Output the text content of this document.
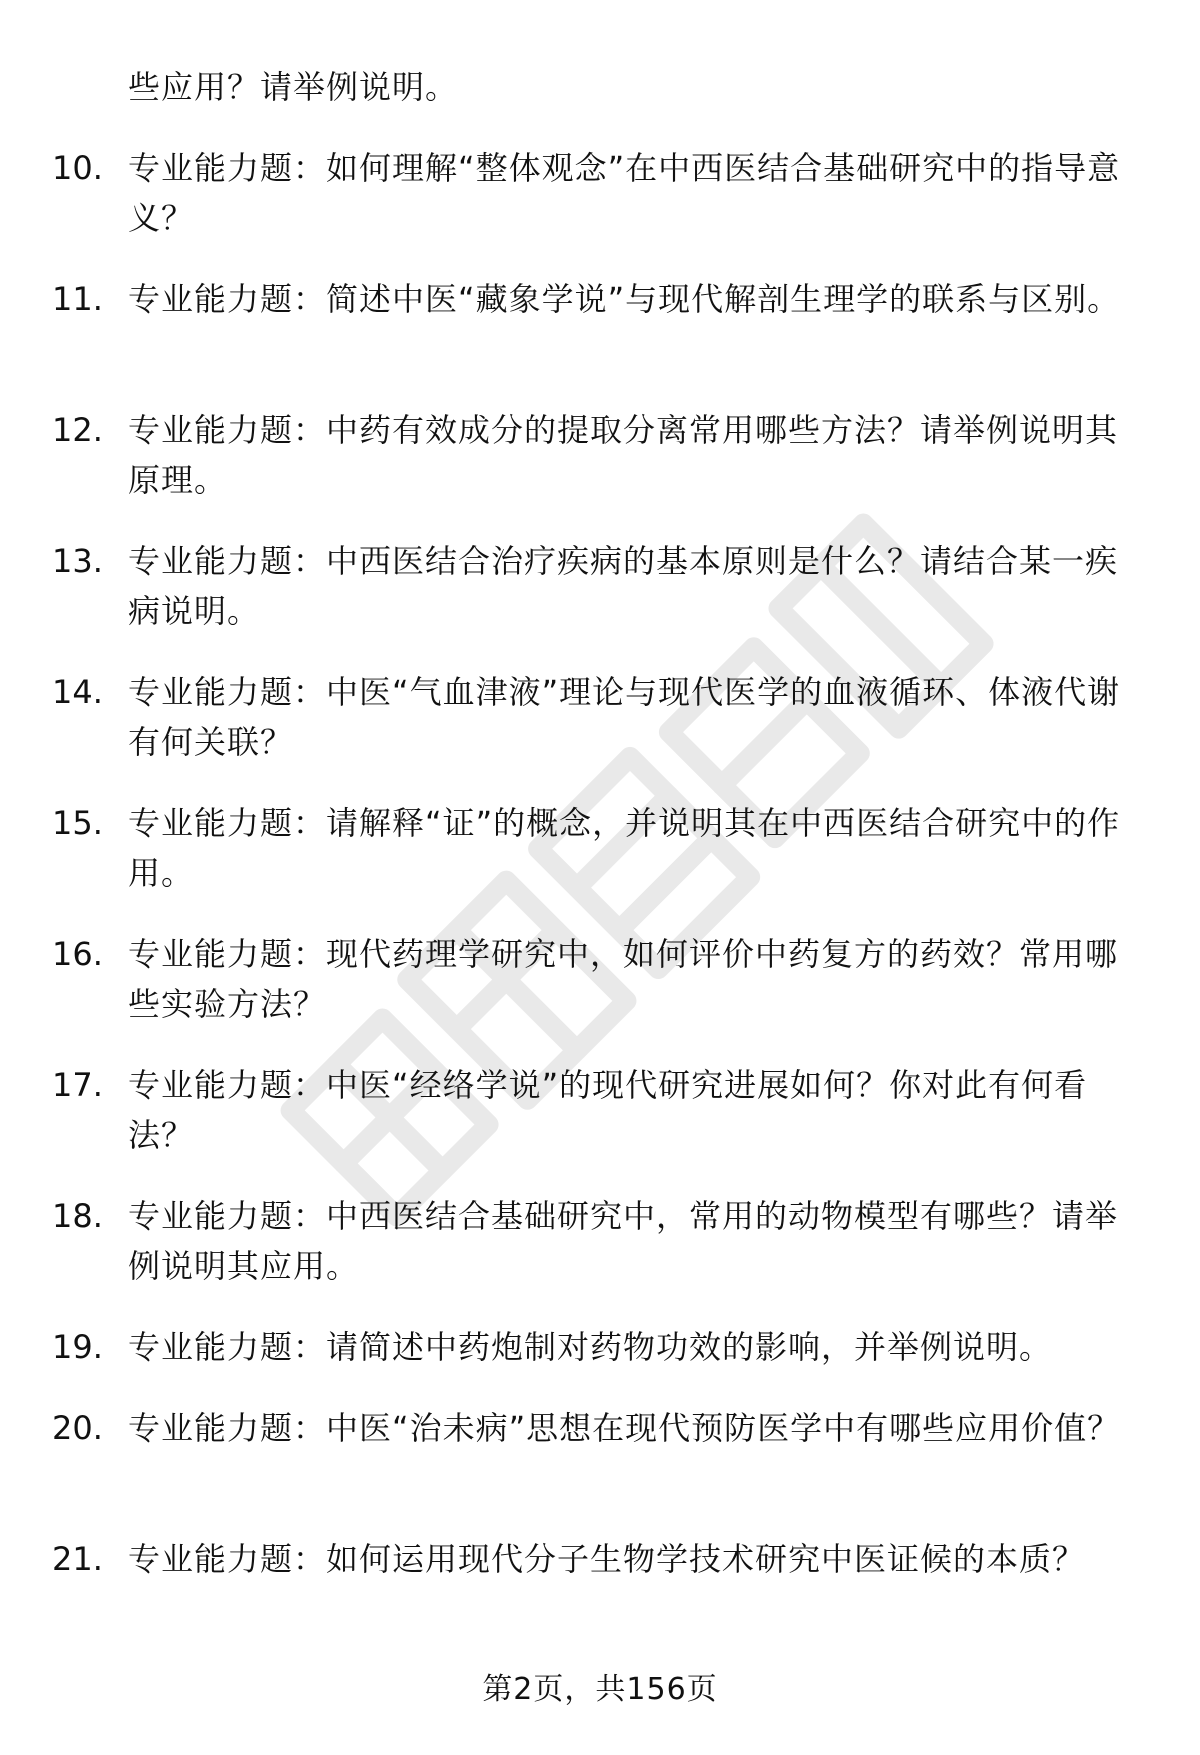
些应用？请举例说明。
10. 专业能力题：如何理解“整体观念”在中西医结合基础研究中的指导意义？
11. 专业能力题：简述中医“藏象学说”与现代解剖生理学的联系与区别。
12. 专业能力题：中药有效成分的提取分离常用哪些方法？请举例说明其原理。
13. 专业能力题：中西医结合治疗疾病的基本原则是什么？请结合某一疾病说明。
14. 专业能力题：中医“气血津液”理论与现代医学的血液循环、体液代谢有何关联？
15. 专业能力题：请解释“证”的概念，并说明其在中西医结合研究中的作用。
16. 专业能力题：现代药理学研究中，如何评价中药复方的药效？常用哪些实验方法？
17. 专业能力题：中医“经络学说”的现代研究进展如何？你对此有何看法？
18. 专业能力题：中西医结合基础研究中，常用的动物模型有哪些？请举例说明其应用。
19. 专业能力题：请简述中药炮制对药物功效的影响，并举例说明。
20. 专业能力题：中医“治未病”思想在现代预防医学中有哪些应用价值？
21. 专业能力题：如何运用现代分子生物学技术研究中医证候的本质？
第2页，共156页
